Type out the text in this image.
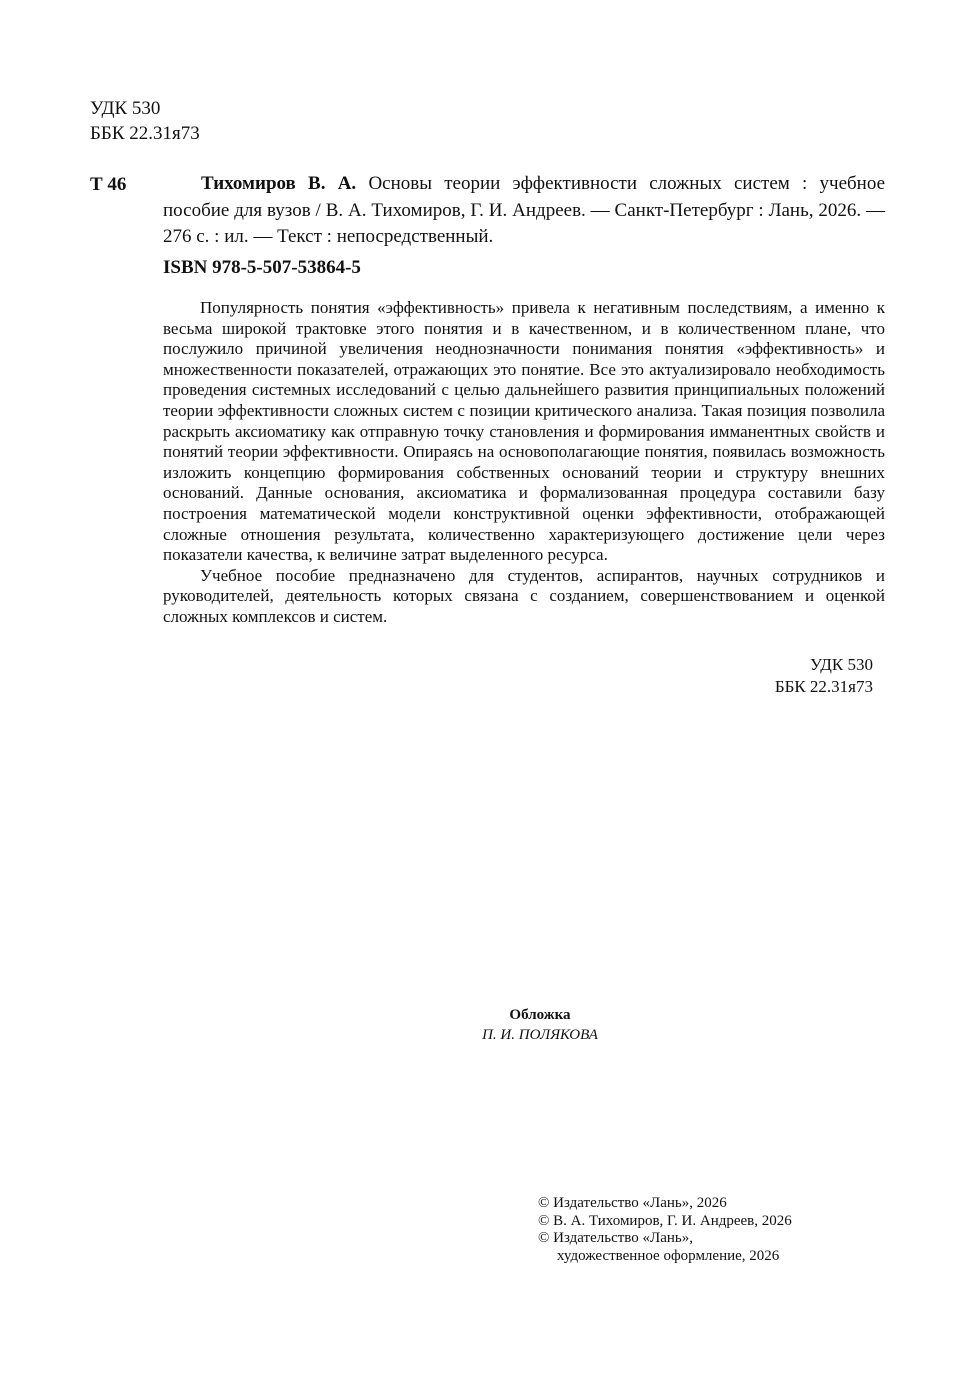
УДК 530
ББК 22.31я73
Т 46	Тихомиров В. А. Основы теории эффективности сложных систем : учебное пособие для вузов / В. А. Тихомиров, Г. И. Андреев. — Санкт-Петербург : Лань, 2026. — 276 с. : ил. — Текст : непосредственный.
ISBN 978-5-507-53864-5

Популярность понятия «эффективность» привела к негативным последствиям, а именно к весьма широкой трактовке этого понятия и в качественном, и в количественном плане, что послужило причиной увеличения неоднозначности понимания понятия «эффективность» и множественности показателей, отражающих это понятие. Все это актуализировало необходимость проведения системных исследований с целью дальнейшего развития принципиальных положений теории эффективности сложных систем с позиции критического анализа. Такая позиция позволила раскрыть аксиоматику как отправную точку становления и формирования имманентных свойств и понятий теории эффективности. Опираясь на основополагающие понятия, появилась возможность изложить концепцию формирования собственных оснований теории и структуру внешних оснований. Данные основания, аксиоматика и формализованная процедура составили базу построения математической модели конструктивной оценки эффективности, отображающей сложные отношения результата, количественно характеризующего достижение цели через показатели качества, к величине затрат выделенного ресурса.

Учебное пособие предназначено для студентов, аспирантов, научных сотрудников и руководителей, деятельность которых связана с созданием, совершенствованием и оценкой сложных комплексов и систем.

УДК 530
ББК 22.31я73
Обложка
П. И. ПОЛЯКОВА
© Издательство «Лань», 2026
© В. А. Тихомиров, Г. И. Андреев, 2026
© Издательство «Лань»,
художественное оформление, 2026
